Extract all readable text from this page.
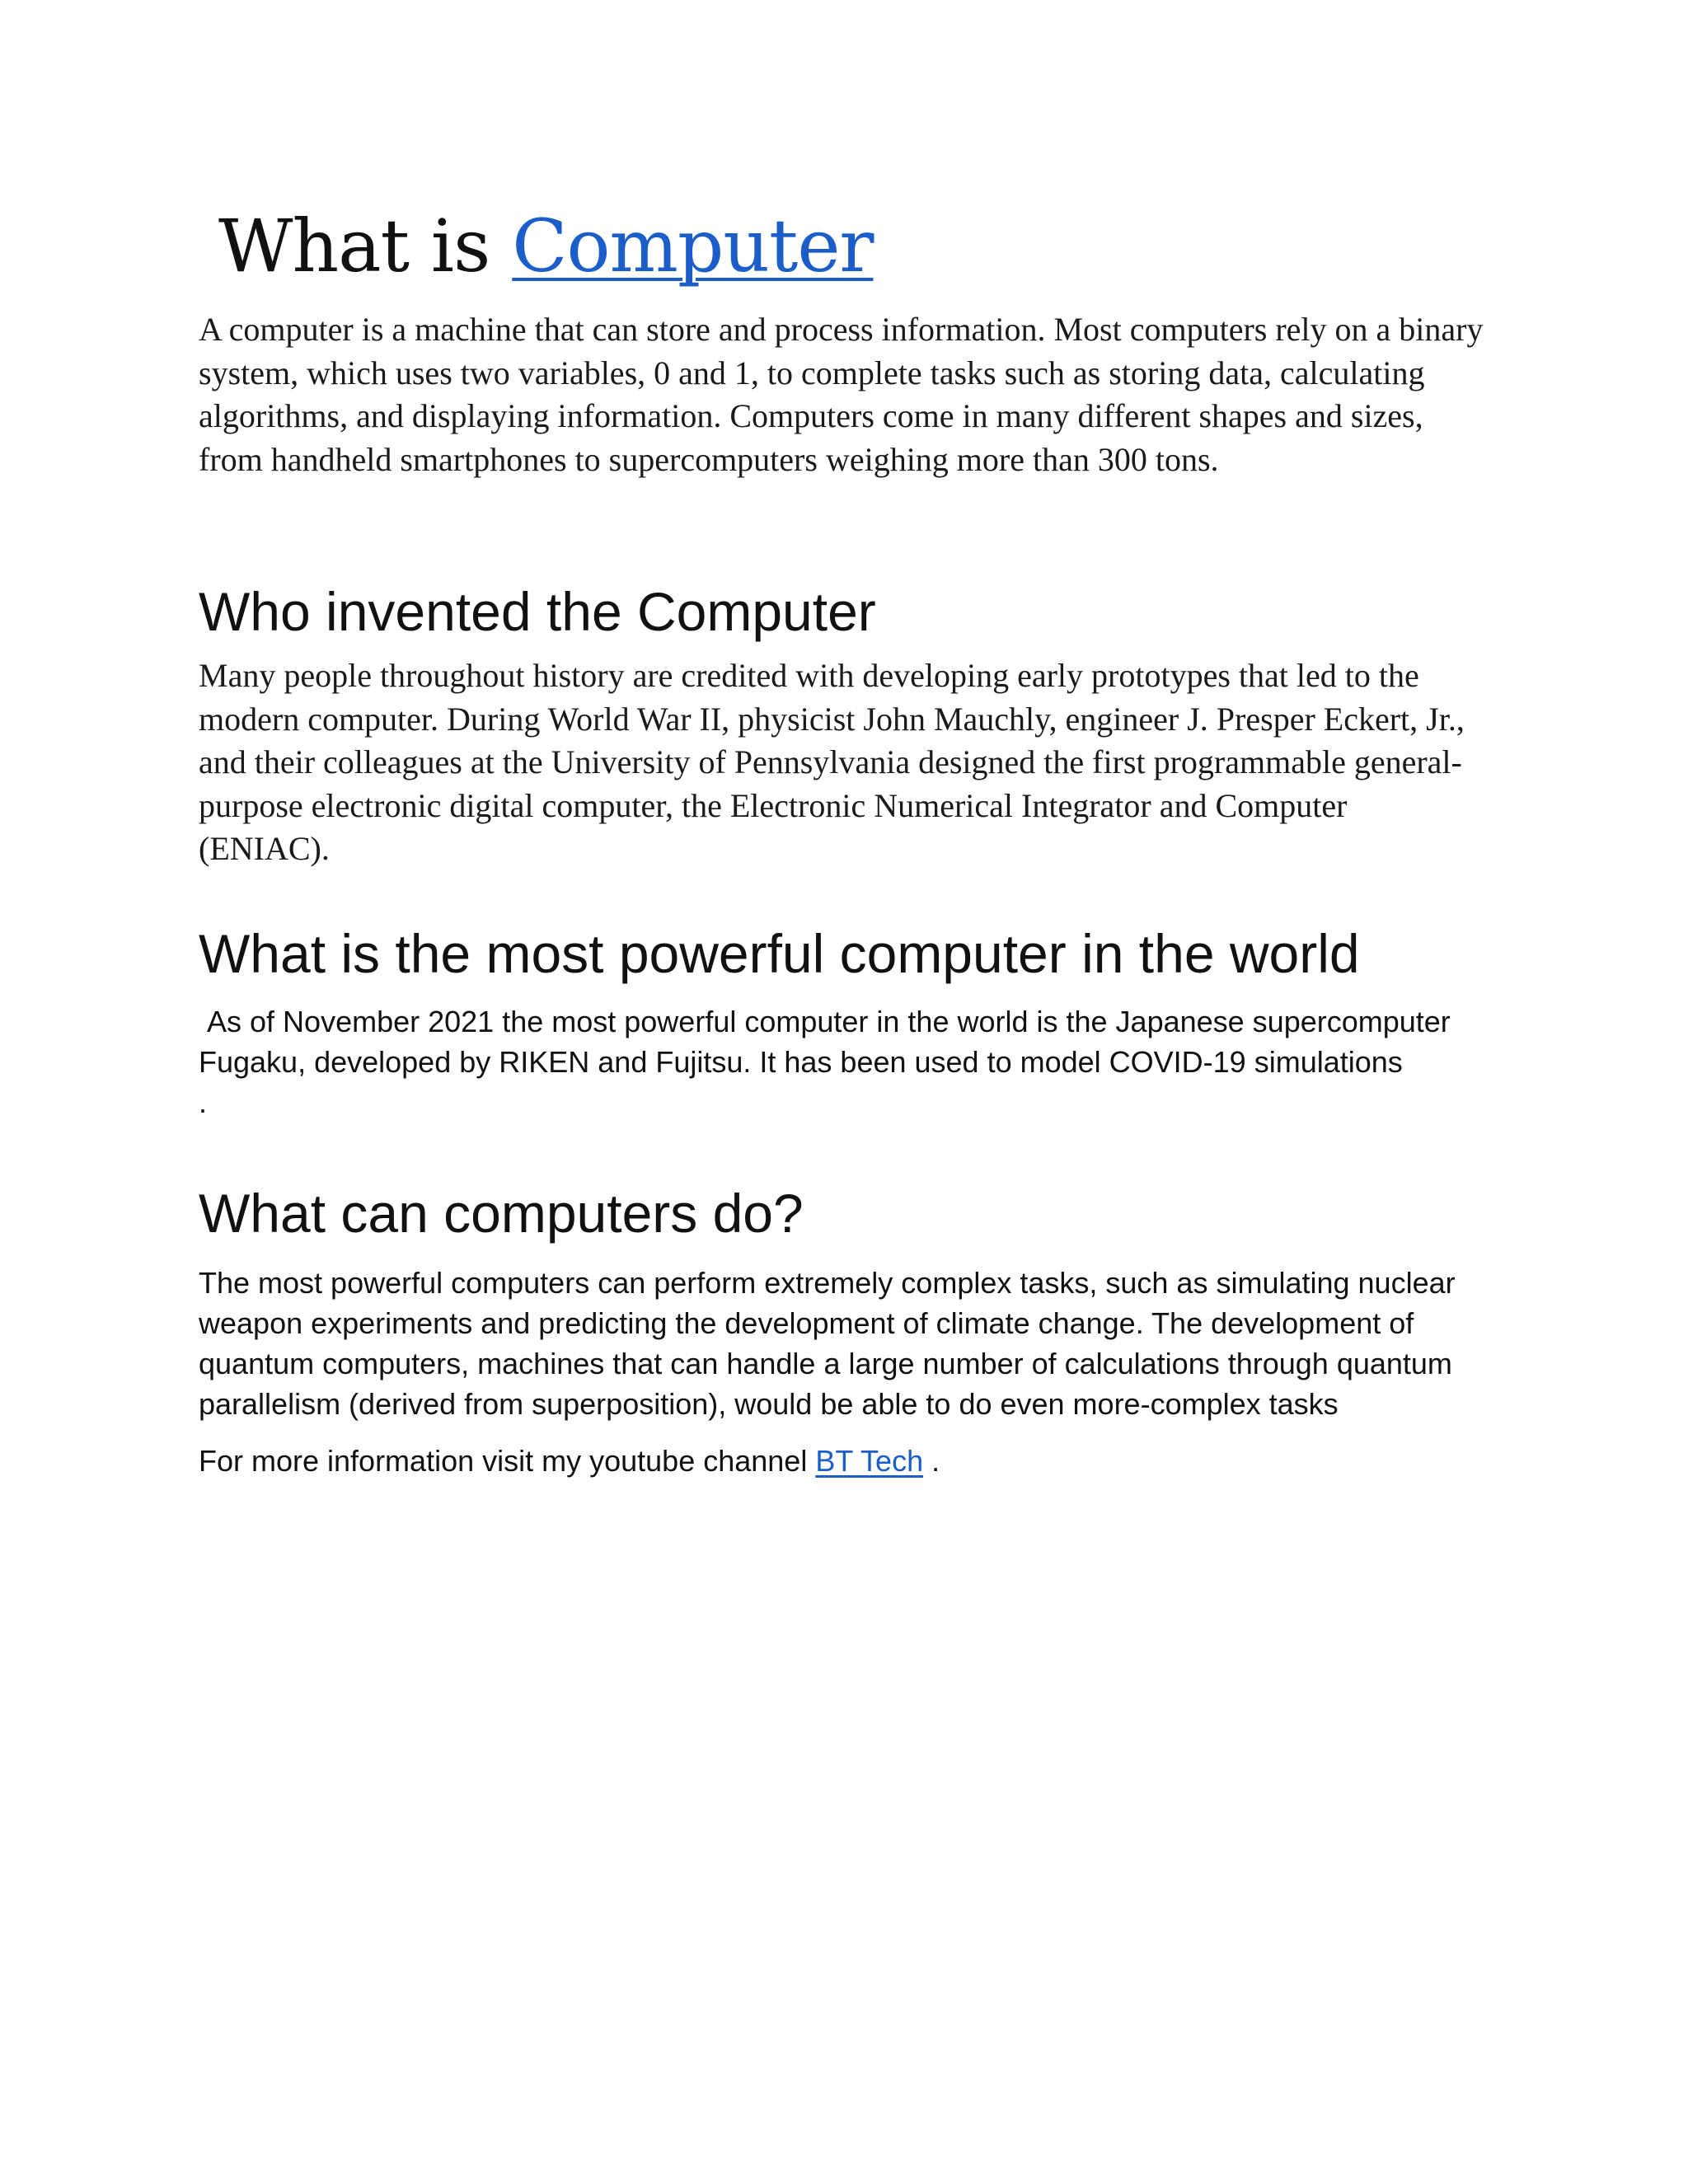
What is Computer

A computer is a machine that can store and process information. Most computers rely on a binary system, which uses two variables, 0 and 1, to complete tasks such as storing data, calculating algorithms, and displaying information. Computers come in many different shapes and sizes, from handheld smartphones to supercomputers weighing more than 300 tons.

Who invented the Computer

Many people throughout history are credited with developing early prototypes that led to the modern computer. During World War II, physicist John Mauchly, engineer J. Presper Eckert, Jr., and their colleagues at the University of Pennsylvania designed the first programmable general-purpose electronic digital computer, the Electronic Numerical Integrator and Computer (ENIAC).

What is the most powerful computer in the world

As of November 2021 the most powerful computer in the world is the Japanese supercomputer Fugaku, developed by RIKEN and Fujitsu. It has been used to model COVID-19 simulations
.

What can computers do?

The most powerful computers can perform extremely complex tasks, such as simulating nuclear weapon experiments and predicting the development of climate change. The development of quantum computers, machines that can handle a large number of calculations through quantum parallelism (derived from superposition), would be able to do even more-complex tasks

For more information visit my youtube channel BT Tech .
